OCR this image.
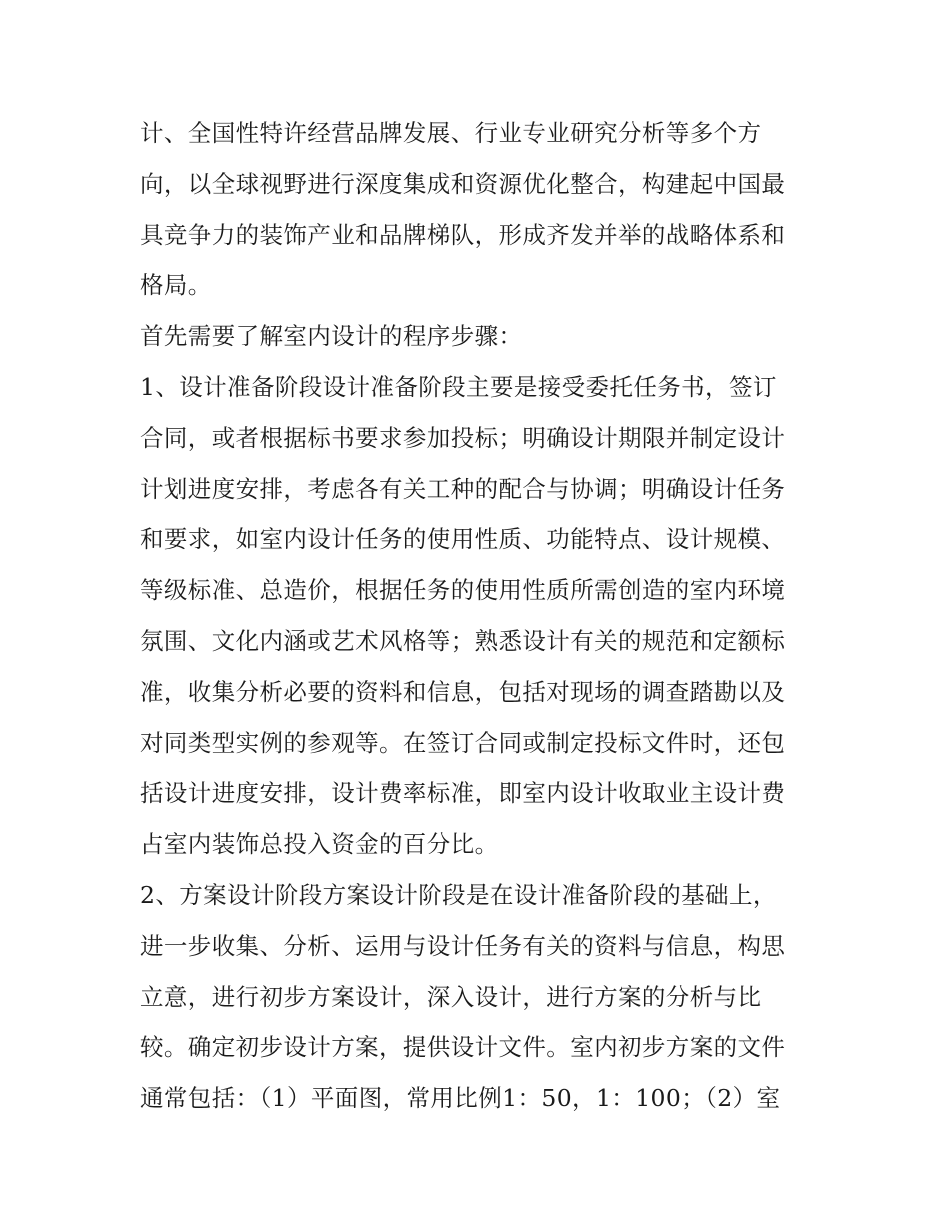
计、全国性特许经营品牌发展、行业专业研究分析等多个方
向，以全球视野进行深度集成和资源优化整合，构建起中国最
具竞争力的装饰产业和品牌梯队，形成齐发并举的战略体系和
格局。
首先需要了解室内设计的程序步骤：
1、设计准备阶段设计准备阶段主要是接受委托任务书，签订
合同，或者根据标书要求参加投标；明确设计期限并制定设计
计划进度安排，考虑各有关工种的配合与协调；明确设计任务
和要求，如室内设计任务的使用性质、功能特点、设计规模、
等级标准、总造价，根据任务的使用性质所需创造的室内环境
氛围、文化内涵或艺术风格等；熟悉设计有关的规范和定额标
准，收集分析必要的资料和信息，包括对现场的调查踏勘以及
对同类型实例的参观等。在签订合同或制定投标文件时，还包
括设计进度安排，设计费率标准，即室内设计收取业主设计费
占室内装饰总投入资金的百分比。
2、方案设计阶段方案设计阶段是在设计准备阶段的基础上，
进一步收集、分析、运用与设计任务有关的资料与信息，构思
立意，进行初步方案设计，深入设计，进行方案的分析与比
较。确定初步设计方案，提供设计文件。室内初步方案的文件
通常包括：（1）平面图，常用比例1：50，1：100；（2）室
